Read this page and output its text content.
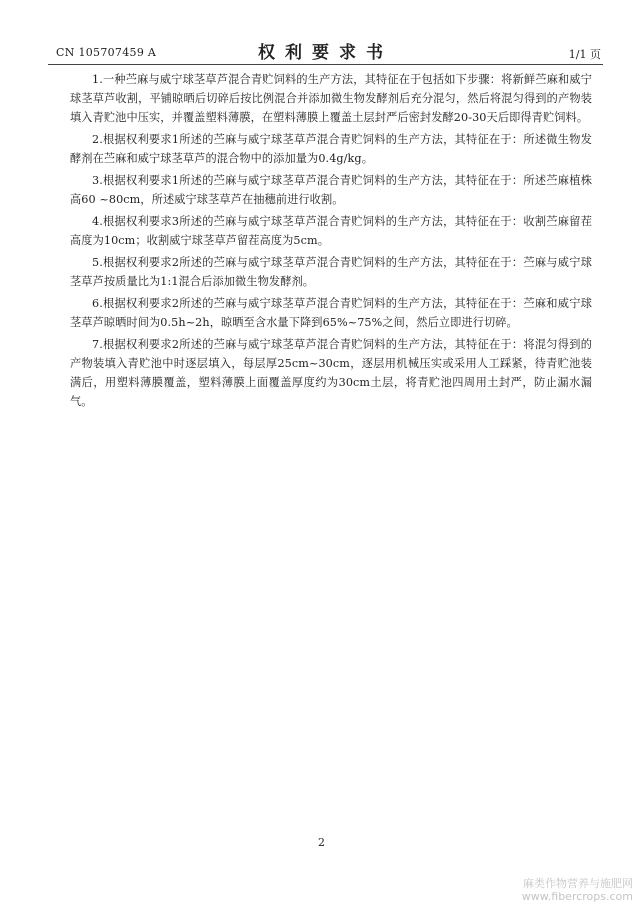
CN 105707459 A	权利要求书	1/1 页

1.一种苎麻与威宁球茎草芦混合青贮饲料的生产方法，其特征在于包括如下步骤：将新鲜苎麻和威宁球茎草芦收割，平铺晾晒后切碎后按比例混合并添加微生物发酵剂后充分混匀，然后将混匀得到的产物装填入青贮池中压实，并覆盖塑料薄膜，在塑料薄膜上覆盖土层封严后密封发酵20-30天后即得青贮饲料。

2.根据权利要求1所述的苎麻与威宁球茎草芦混合青贮饲料的生产方法，其特征在于：所述微生物发酵剂在苎麻和威宁球茎草芦的混合物中的添加量为0.4g/kg。

3.根据权利要求1所述的苎麻与威宁球茎草芦混合青贮饲料的生产方法，其特征在于：所述苎麻植株高60 ~80cm，所述威宁球茎草芦在抽穗前进行收割。

4.根据权利要求3所述的苎麻与威宁球茎草芦混合青贮饲料的生产方法，其特征在于：收割苎麻留茬高度为10cm；收割威宁球茎草芦留茬高度为5cm。

5.根据权利要求2所述的苎麻与威宁球茎草芦混合青贮饲料的生产方法，其特征在于：苎麻与威宁球茎草芦按质量比为1:1混合后添加微生物发酵剂。

6.根据权利要求2所述的苎麻与威宁球茎草芦混合青贮饲料的生产方法，其特征在于：苎麻和威宁球茎草芦晾晒时间为0.5h~2h，晾晒至含水量下降到65%~75%之间，然后立即进行切碎。

7.根据权利要求2所述的苎麻与威宁球茎草芦混合青贮饲料的生产方法，其特征在于：将混匀得到的产物装填入青贮池中时逐层填入，每层厚25cm~30cm，逐层用机械压实或采用人工踩紧，待青贮池装满后，用塑料薄膜覆盖，塑料薄膜上面覆盖厚度约为30cm土层，将青贮池四周用土封严，防止漏水漏气。

2
麻类作物营养与施肥网
www.fibercrops.com
